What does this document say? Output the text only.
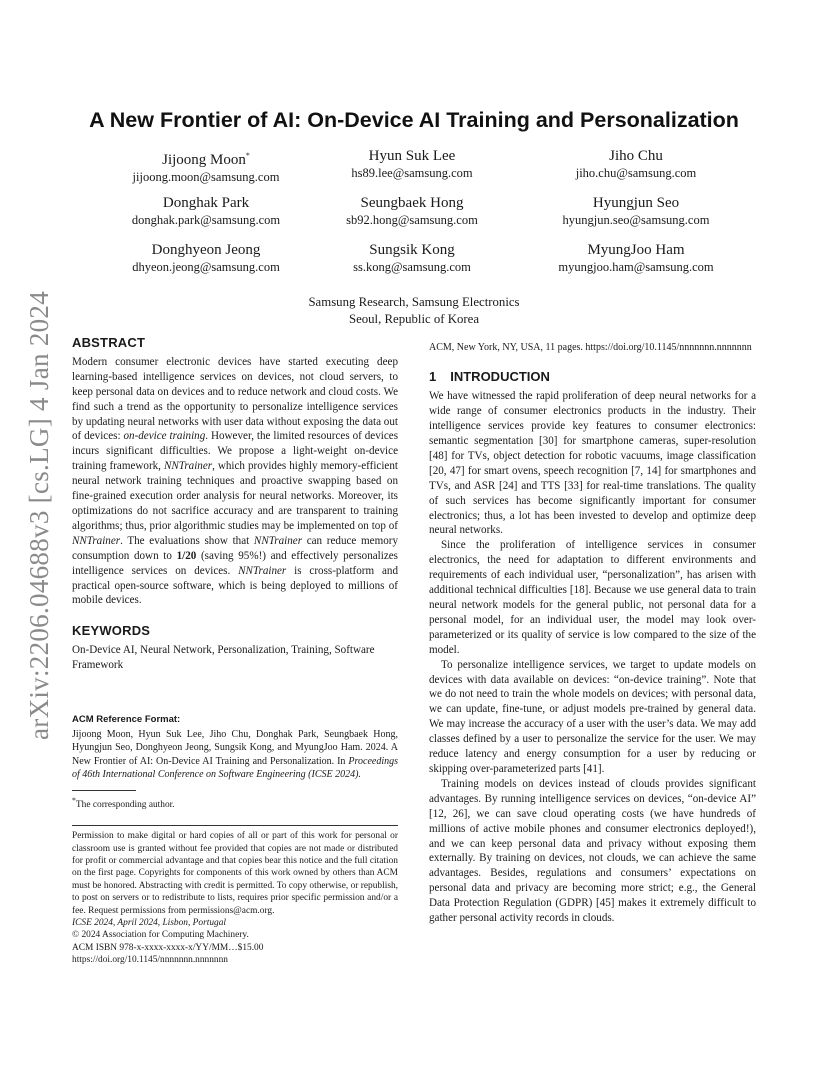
arXiv:2206.04688v3 [cs.LG] 4 Jan 2024
A New Frontier of AI: On-Device AI Training and Personalization
Jijoong Moon*
jijoong.moon@samsung.com
Hyun Suk Lee
hs89.lee@samsung.com
Jiho Chu
jiho.chu@samsung.com
Donghak Park
donghak.park@samsung.com
Seungbaek Hong
sb92.hong@samsung.com
Hyungjun Seo
hyungjun.seo@samsung.com
Donghyeon Jeong
dhyeon.jeong@samsung.com
Sungsik Kong
ss.kong@samsung.com
MyungJoo Ham
myungjoo.ham@samsung.com
Samsung Research, Samsung Electronics
Seoul, Republic of Korea
ABSTRACT

Modern consumer electronic devices have started executing deep learning-based intelligence services on devices, not cloud servers, to keep personal data on devices and to reduce network and cloud costs. We find such a trend as the opportunity to personalize intelligence services by updating neural networks with user data without exposing the data out of devices: on-device training. However, the limited resources of devices incurs significant difficulties. We propose a light-weight on-device training framework, NNTrainer, which provides highly memory-efficient neural network training techniques and proactive swapping based on fine-grained execution order analysis for neural networks. Moreover, its optimizations do not sacrifice accuracy and are transparent to training algorithms; thus, prior algorithmic studies may be implemented on top of NNTrainer. The evaluations show that NNTrainer can reduce memory consumption down to 1/20 (saving 95%!) and effectively personalizes intelligence services on devices. NNTrainer is cross-platform and practical open-source software, which is being deployed to millions of mobile devices.

KEYWORDS

On-Device AI, Neural Network, Personalization, Training, Software Framework

ACM Reference Format:

Jijoong Moon, Hyun Suk Lee, Jiho Chu, Donghak Park, Seungbaek Hong, Hyungjun Seo, Donghyeon Jeong, Sungsik Kong, and MyungJoo Ham. 2024. A New Frontier of AI: On-Device AI Training and Personalization. In Proceedings of 46th International Conference on Software Engineering (ICSE 2024).

*The corresponding author.

Permission to make digital or hard copies of all or part of this work for personal or classroom use is granted without fee provided that copies are not made or distributed for profit or commercial advantage and that copies bear this notice and the full citation on the first page. Copyrights for components of this work owned by others than ACM must be honored. Abstracting with credit is permitted. To copy otherwise, or republish, to post on servers or to redistribute to lists, requires prior specific permission and/or a fee. Request permissions from permissions@acm.org.

ICSE 2024, April 2024, Lisbon, Portugal

© 2024 Association for Computing Machinery.

ACM ISBN 978-x-xxxx-xxxx-x/YY/MM…$15.00

https://doi.org/10.1145/nnnnnnn.nnnnnnn

ACM, New York, NY, USA, 11 pages. https://doi.org/10.1145/nnnnnnn.nnnnnnn

1 INTRODUCTION

We have witnessed the rapid proliferation of deep neural networks for a wide range of consumer electronics products in the industry. Their intelligence services provide key features to consumer electronics: semantic segmentation [30] for smartphone cameras, super-resolution [48] for TVs, object detection for robotic vacuums, image classification [20, 47] for smart ovens, speech recognition [7, 14] for smartphones and TVs, and ASR [24] and TTS [33] for real-time translations. The quality of such services has become significantly important for consumer electronics; thus, a lot has been invested to develop and optimize deep neural networks.

Since the proliferation of intelligence services in consumer electronics, the need for adaptation to different environments and requirements of each individual user, “personalization”, has arisen with additional technical difficulties [18]. Because we use general data to train neural network models for the general public, not personal data for a personal model, for an individual user, the model may look over-parameterized or its quality of service is low compared to the size of the model.

To personalize intelligence services, we target to update models on devices with data available on devices: “on-device training”. Note that we do not need to train the whole models on devices; with personal data, we can update, fine-tune, or adjust models pre-trained by general data. We may increase the accuracy of a user with the user’s data. We may add classes defined by a user to personalize the service for the user. We may reduce latency and energy consumption for a user by reducing or skipping over-parameterized parts [41].

Training models on devices instead of clouds provides significant advantages. By running intelligence services on devices, “on-device AI” [12, 26], we can save cloud operating costs (we have hundreds of millions of active mobile phones and consumer electronics deployed!), and we can keep personal data and privacy without exposing them externally. By training on devices, not clouds, we can achieve the same advantages. Besides, regulations and consumers’ expectations on personal data and privacy are becoming more strict; e.g., the General Data Protection Regulation (GDPR) [45] makes it extremely difficult to gather personal activity records in clouds.
